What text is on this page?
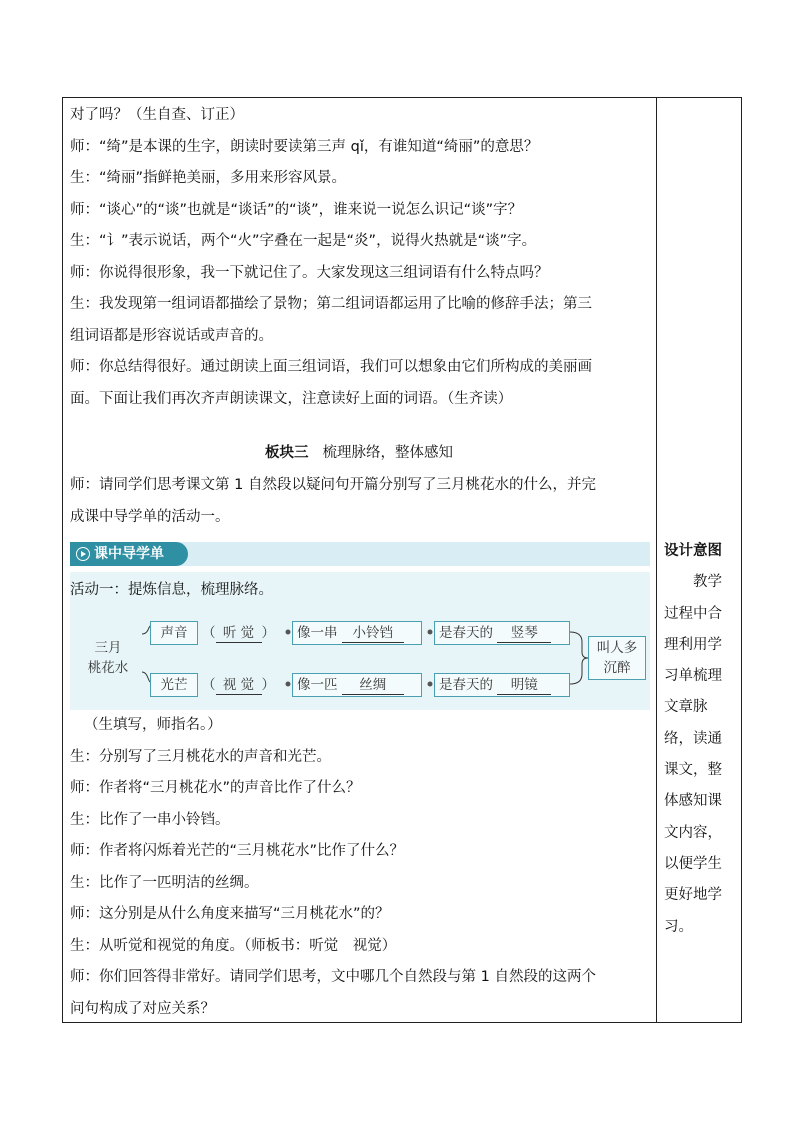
对了吗？（生自查、订正）
师：“绮”是本课的生字，朗读时要读第三声 qǐ，有谁知道“绮丽”的意思？
生：“绮丽”指鲜艳美丽，多用来形容风景。
师：“谈心”的“谈”也就是“谈话”的“谈”，谁来说一说怎么识记“谈”字？
生：“讠”表示说话，两个“火”字叠在一起是“炎”，说得火热就是“谈”字。
师：你说得很形象，我一下就记住了。大家发现这三组词语有什么特点吗？
生：我发现第一组词语都描绘了景物；第二组词语都运用了比喻的修辞手法；第三
组词语都是形容说话或声音的。
师：你总结得很好。通过朗读上面三组词语，我们可以想象由它们所构成的美丽画
面。下面让我们再次齐声朗读课文，注意读好上面的词语。（生齐读）
板块三 梳理脉络，整体感知
师：请同学们思考课文第 1 自然段以疑问句开篇分别写了三月桃花水的什么，并完
成课中导学单的活动一。
课中导学单
活动一：提炼信息，梳理脉络。
三月
桃花水
声音	（ 听 觉 ）	像一串 小铃铛	是春天的 竖琴
光芒	（ 视 觉 ）	像一匹 丝绸	是春天的 明镜
叫人多
沉醉
（生填写，师指名。）
生：分别写了三月桃花水的声音和光芒。
师：作者将“三月桃花水”的声音比作了什么？
生：比作了一串小铃铛。
师：作者将闪烁着光芒的“三月桃花水”比作了什么？
生：比作了一匹明洁的丝绸。
师：这分别是从什么角度来描写“三月桃花水”的？
生：从听觉和视觉的角度。（师板书：听觉　视觉）
师：你们回答得非常好。请同学们思考，文中哪几个自然段与第 1 自然段的这两个
问句构成了对应关系？
设计意图
　　教学
过程中合
理利用学
习单梳理
文章脉
络，读通
课文，整
体感知课
文内容，
以便学生
更好地学
习。
